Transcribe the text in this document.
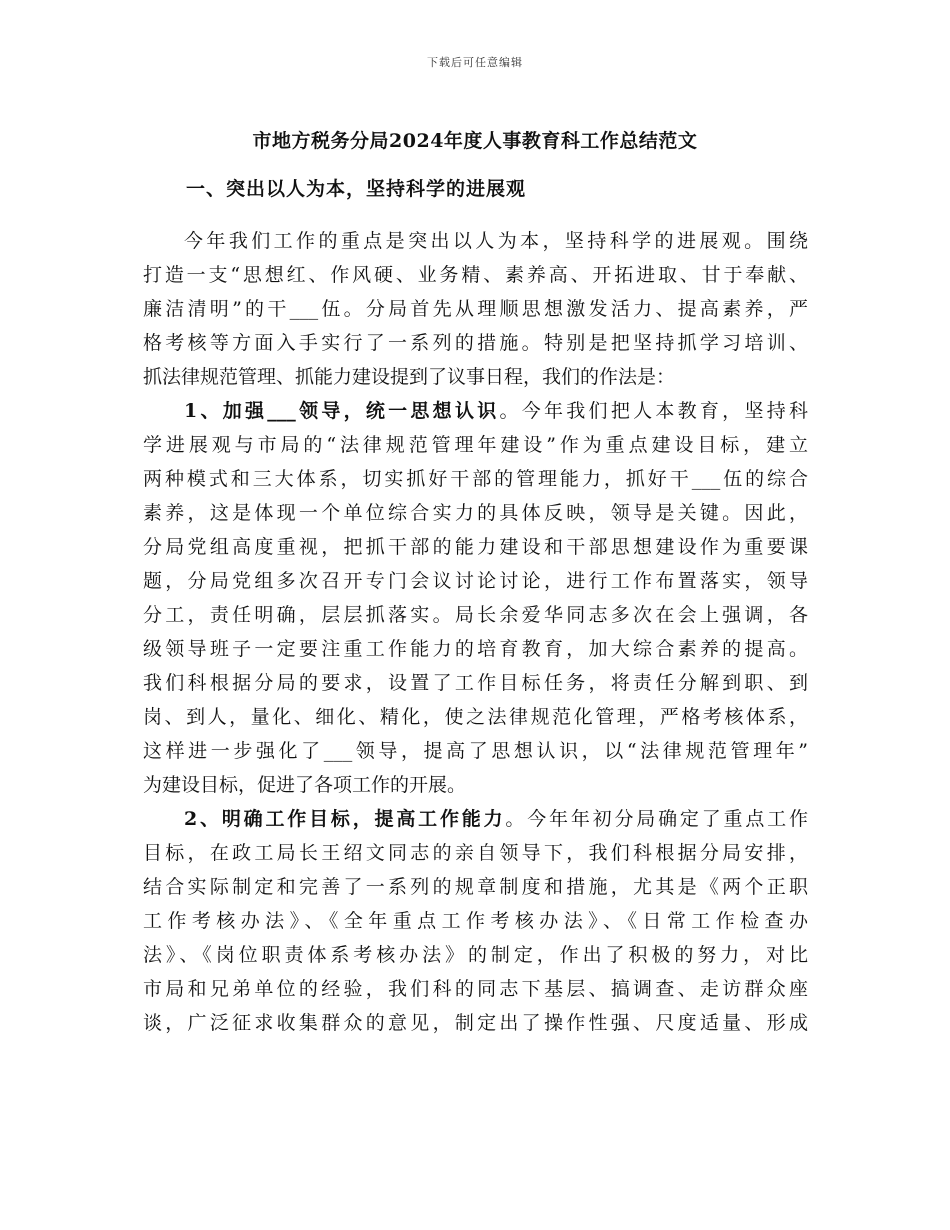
下载后可任意编辑
市地方税务分局2024年度人事教育科工作总结范文
一、突出以人为本，坚持科学的进展观
今年我们工作的重点是突出以人为本，坚持科学的进展观。围绕
打造一支“思想红、作风硬、业务精、素养高、开拓进取、甘于奉献、
廉洁清明”的干___伍。分局首先从理顺思想激发活力、提高素养，严
格考核等方面入手实行了一系列的措施。特别是把坚持抓学习培训、
抓法律规范管理、抓能力建设提到了议事日程，我们的作法是：
1、加强___领导，统一思想认识。今年我们把人本教育，坚持科
学进展观与市局的“法律规范管理年建设”作为重点建设目标，建立
两种模式和三大体系，切实抓好干部的管理能力，抓好干___伍的综合
素养，这是体现一个单位综合实力的具体反映，领导是关键。因此，
分局党组高度重视，把抓干部的能力建设和干部思想建设作为重要课
题，分局党组多次召开专门会议讨论讨论，进行工作布置落实，领导
分工，责任明确，层层抓落实。局长余爱华同志多次在会上强调，各
级领导班子一定要注重工作能力的培育教育，加大综合素养的提高。
我们科根据分局的要求，设置了工作目标任务，将责任分解到职、到
岗、到人，量化、细化、精化，使之法律规范化管理，严格考核体系，
这样进一步强化了___领导，提高了思想认识，以“法律规范管理年”
为建设目标，促进了各项工作的开展。
2、明确工作目标，提高工作能力。今年年初分局确定了重点工作
目标，在政工局长王绍文同志的亲自领导下，我们科根据分局安排，
结合实际制定和完善了一系列的规章制度和措施，尤其是《两个正职
工作考核办法》、《全年重点工作考核办法》、《日常工作检查办
法》、《岗位职责体系考核办法》的制定，作出了积极的努力，对比
市局和兄弟单位的经验，我们科的同志下基层、搞调查、走访群众座
谈，广泛征求收集群众的意见，制定出了操作性强、尺度适量、形成
